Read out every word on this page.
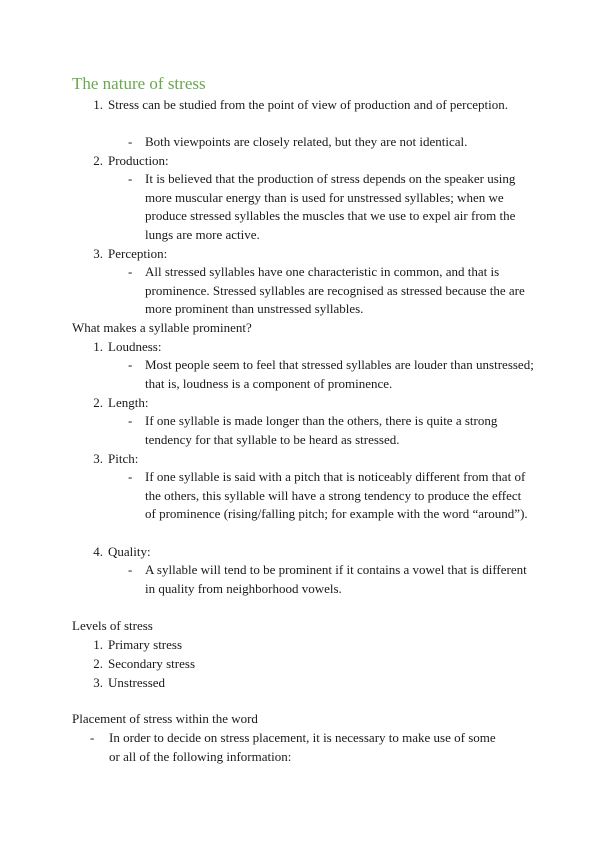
The nature of stress
1. Stress can be studied from the point of view of production and of perception.
- Both viewpoints are closely related, but they are not identical.
2. Production:
- It is believed that the production of stress depends on the speaker using more muscular energy than is used for unstressed syllables; when we produce stressed syllables the muscles that we use to expel air from the lungs are more active.
3. Perception:
- All stressed syllables have one characteristic in common, and that is prominence. Stressed syllables are recognised as stressed because the are more prominent than unstressed syllables.
What makes a syllable prominent?
1. Loudness:
- Most people seem to feel that stressed syllables are louder than unstressed; that is, loudness is a component of prominence.
2. Length:
- If one syllable is made longer than the others, there is quite a strong tendency for that syllable to be heard as stressed.
3. Pitch:
- If one syllable is said with a pitch that is noticeably different from that of the others, this syllable will have a strong tendency to produce the effect of prominence (rising/falling pitch; for example with the word “around”).
4. Quality:
- A syllable will tend to be prominent if it contains a vowel that is different in quality from neighborhood vowels.
Levels of stress
1. Primary stress
2. Secondary stress
3. Unstressed
Placement of stress within the word
- In order to decide on stress placement, it is necessary to make use of some or all of the following information:
